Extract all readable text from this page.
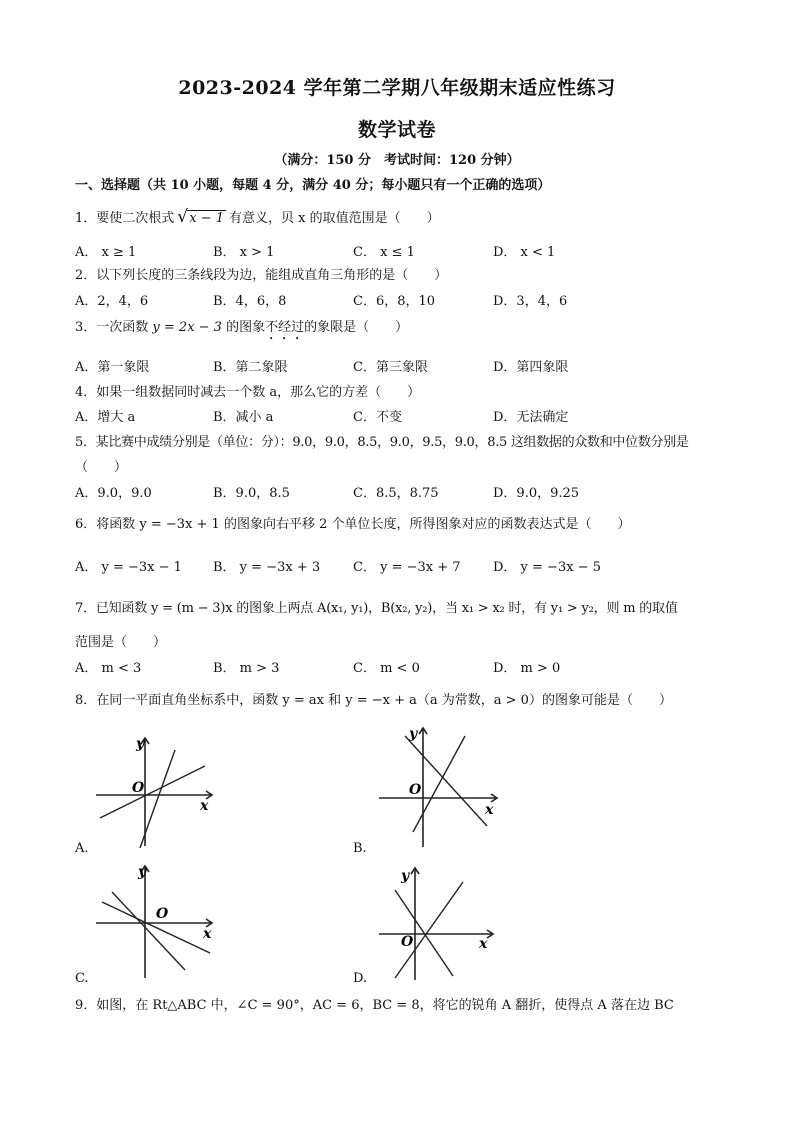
2023-2024 学年第二学期八年级期末适应性练习
数学试卷
（满分：150 分　考试时间：120 分钟）
一、选择题（共 10 小题，每题 4 分，满分 40 分；每小题只有一个正确的选项）
1．要使二次根式 √ x − 1 有意义，贝 x 的取值范围是（　　）
A． x ≥ 1	B． x > 1	C． x ≤ 1	D． x < 1
2．以下列长度的三条线段为边，能组成直角三角形的是（　　）
A．2，4，6	B．4，6，8	C．6，8，10	D．3，4，6
3．一次函数 y = 2x − 3 的图象不经过的象限是（　　）
A．第一象限	B．第二象限	C．第三象限	D．第四象限
4．如果一组数据同时减去一个数 a，那么它的方差（　　）
A．增大 a	B．减小 a	C．不变	D．无法确定
5．某比赛中成绩分别是（单位：分）：9.0，9.0，8.5，9.0，9.5，9.0，8.5 这组数据的众数和中位数分别是
（　　）
A．9.0，9.0	B．9.0，8.5	C．8.5，8.75	D．9.0，9.25
6．将函数 y = −3x + 1 的图象向右平移 2 个单位长度，所得图象对应的函数表达式是（　　）
A． y = −3x − 1 B． y = −3x + 3	C． y = −3x + 7 D． y = −3x − 5
7．已知函数 y = (m − 3)x 的图象上两点 A(x₁, y₁)，B(x₂, y₂)，当 x₁ > x₂ 时，有 y₁ > y₂，则 m 的取值
范围是（　　）
A． m < 3	B． m > 3	C． m < 0	D． m > 0
8．在同一平面直角坐标系中，函数 y = ax 和 y = −x + a（a 为常数，a > 0）的图象可能是（　　）
y
x
O
A.
y
x
O
B.
y
x
O
C.
y
x
O
D.
9．如图，在 Rt△ABC 中，∠C = 90°，AC = 6，BC = 8，将它的锐角 A 翻折，使得点 A 落在边 BC
